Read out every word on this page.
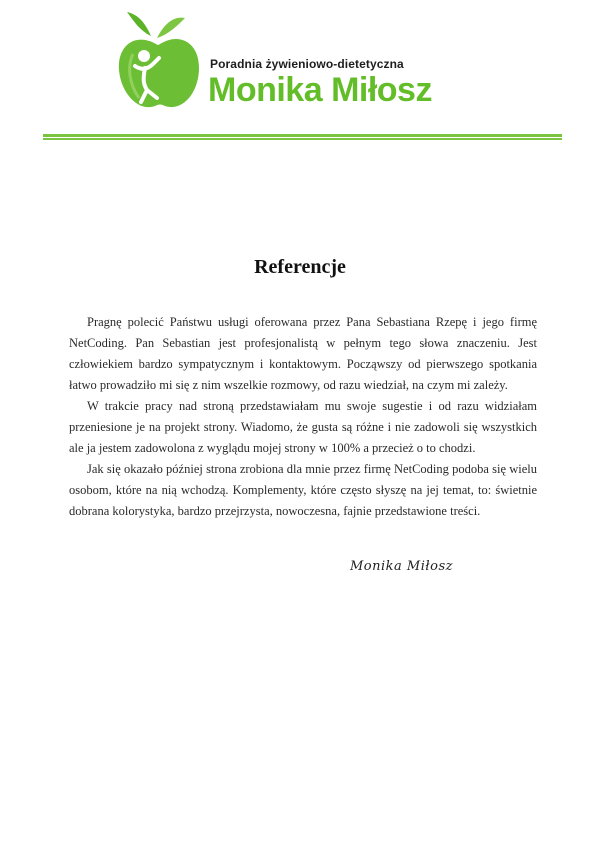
Poradnia żywieniowo-dietetyczna
Monika Miłosz
Referencje

Pragnę polecić Państwu usługi oferowana przez Pana Sebastiana Rzepę i jego firmę NetCoding. Pan Sebastian jest profesjonalistą w pełnym tego słowa znaczeniu. Jest człowiekiem bardzo sympatycznym i kontaktowym. Począwszy od pierwszego spotkania łatwo prowadziło mi się z nim wszelkie rozmowy, od razu wiedział, na czym mi zależy.

W trakcie pracy nad stroną przedstawiałam mu swoje sugestie i od razu widziałam przeniesione je na projekt strony. Wiadomo, że gusta są różne i nie zadowoli się wszystkich ale ja jestem zadowolona z wyglądu mojej strony w 100% a przecież o to chodzi.

Jak się okazało później strona zrobiona dla mnie przez firmę NetCoding podoba się wielu osobom, które na nią wchodzą. Komplementy, które często słyszę na jej temat, to: świetnie dobrana kolorystyka, bardzo przejrzysta, nowoczesna, fajnie przedstawione treści.

Monika Miłosz
